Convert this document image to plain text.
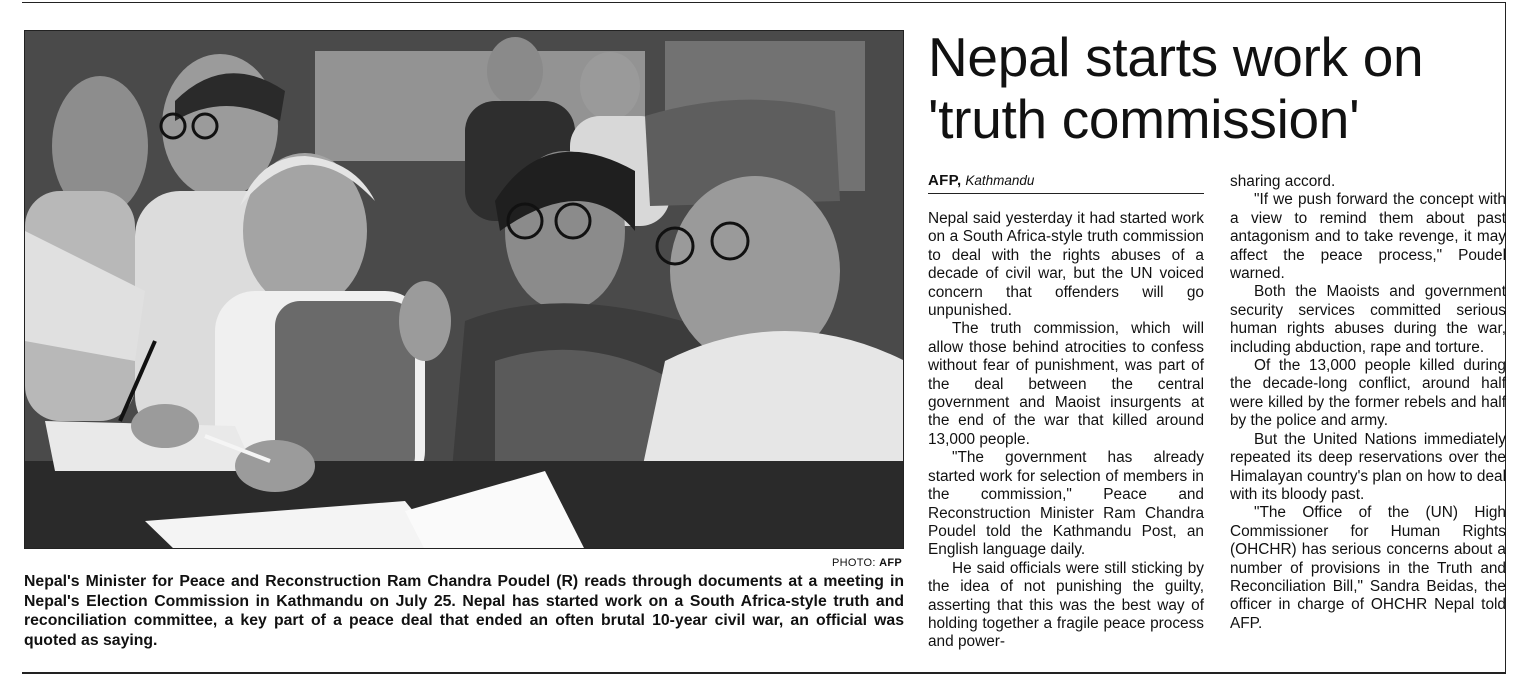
PHOTO: AFP
Nepal's Minister for Peace and Reconstruction Ram Chandra Poudel (R) reads through documents at a meeting in Nepal's Election Commission in Kathmandu on July 25. Nepal has started work on a South Africa-style truth and reconciliation committee, a key part of a peace deal that ended an often brutal 10-year civil war, an official was quoted as saying.
Nepal starts work on 'truth commission'
AFP, Kathmandu

Nepal said yesterday it had started work on a South Africa-style truth commission to deal with the rights abuses of a decade of civil war, but the UN voiced concern that offenders will go unpunished.

The truth commission, which will allow those behind atrocities to confess without fear of punishment, was part of the deal between the central government and Maoist insurgents at the end of the war that killed around 13,000 people.

"The government has already started work for selection of members in the commission," Peace and Reconstruction Minister Ram Chandra Poudel told the Kathmandu Post, an English language daily.

He said officials were still sticking by the idea of not punishing the guilty, asserting that this was the best way of holding together a fragile peace process and power-

sharing accord.

"If we push forward the concept with a view to remind them about past antagonism and to take revenge, it may affect the peace process," Poudel warned.

Both the Maoists and government security services committed serious human rights abuses during the war, including abduction, rape and torture.

Of the 13,000 people killed during the decade-long conflict, around half were killed by the former rebels and half by the police and army.

But the United Nations immediately repeated its deep reservations over the Himalayan country's plan on how to deal with its bloody past.

"The Office of the (UN) High Commissioner for Human Rights (OHCHR) has serious concerns about a number of provisions in the Truth and Reconciliation Bill," Sandra Beidas, the officer in charge of OHCHR Nepal told AFP.
